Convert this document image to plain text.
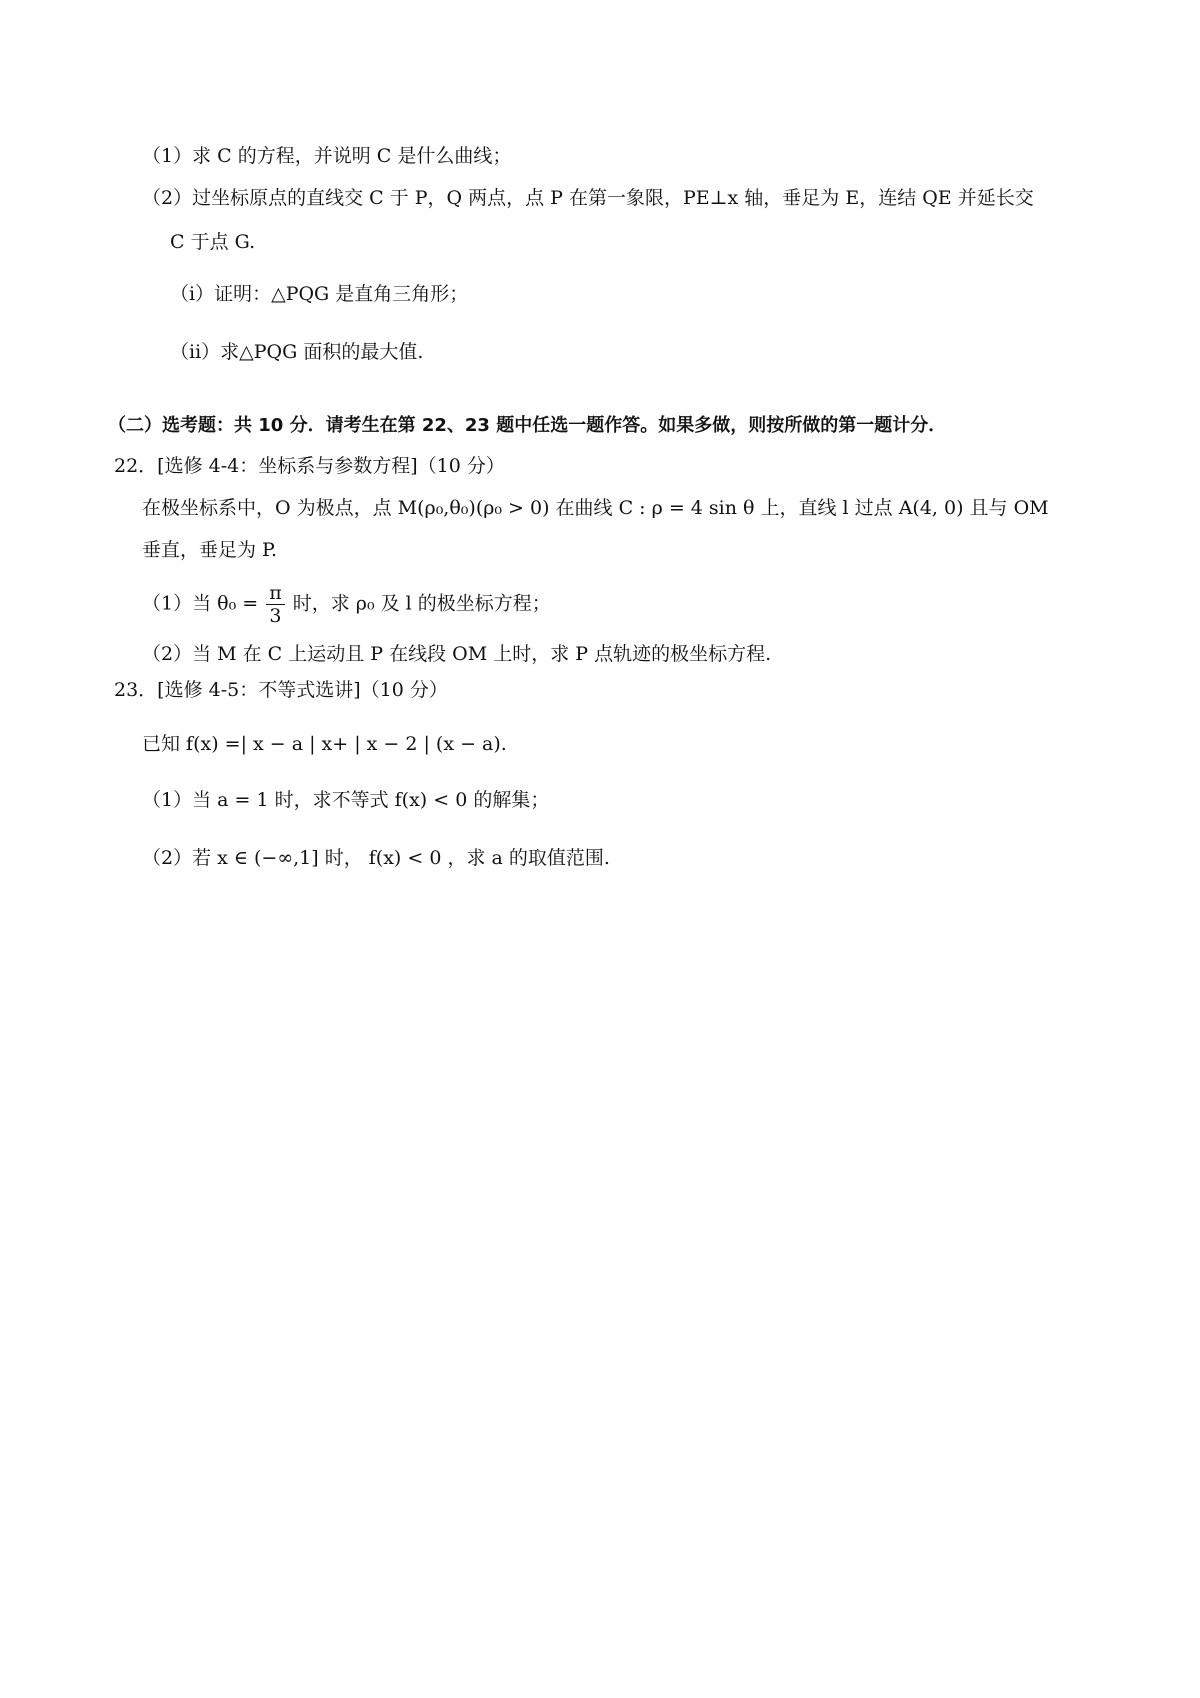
（1）求 C 的方程，并说明 C 是什么曲线；
（2）过坐标原点的直线交 C 于 P，Q 两点，点 P 在第一象限，PE⊥x 轴，垂足为 E，连结 QE 并延长交
C 于点 G.
（i）证明：△PQG 是直角三角形；
（ii）求△PQG 面积的最大值.
（二）选考题：共 10 分．请考生在第 22、23 题中任选一题作答。如果多做，则按所做的第一题计分．
22．[选修 4-4：坐标系与参数方程]（10 分）
在极坐标系中，O 为极点，点 M(ρ₀,θ₀)(ρ₀ > 0) 在曲线 C : ρ = 4 sin θ 上，直线 l 过点 A(4, 0) 且与 OM
垂直，垂足为 P.
（1）当 $\theta_0 = \frac{\pi}{3}$ 时，求 ρ₀ 及 l 的极坐标方程；
（2）当 M 在 C 上运动且 P 在线段 OM 上时，求 P 点轨迹的极坐标方程.
23．[选修 4-5：不等式选讲]（10 分）
已知 f(x) =| x − a | x+ | x − 2 | (x − a).
（1）当 a = 1 时，求不等式 f(x) < 0 的解集；
（2）若 x ∈ (−∞,1] 时， f(x) < 0 ，求 a 的取值范围.
